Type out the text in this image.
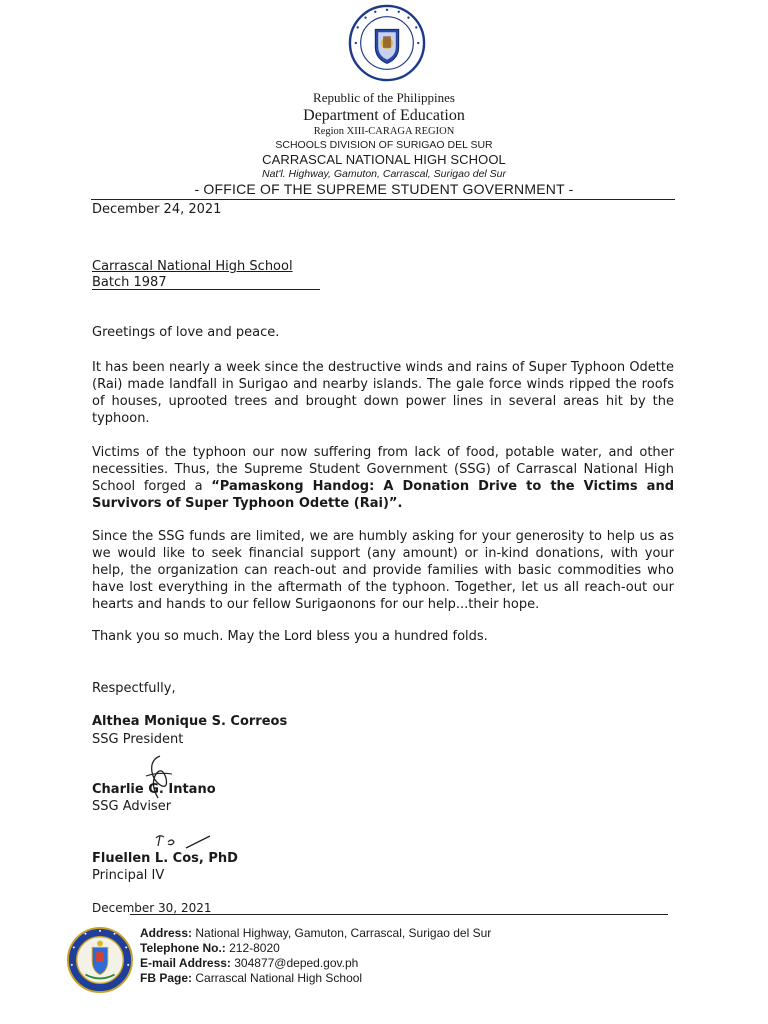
Republic of the Philippines
Department of Education
Region XIII-CARAGA REGION
SCHOOLS DIVISION OF SURIGAO DEL SUR
CARRASCAL NATIONAL HIGH SCHOOL
Nat'l. Highway, Gamuton, Carrascal, Surigao del Sur
- OFFICE OF THE SUPREME STUDENT GOVERNMENT -
December 24, 2021
Carrascal National High School
Batch 1987
Greetings of love and peace.
It has been nearly a week since the destructive winds and rains of Super Typhoon Odette (Rai) made landfall in Surigao and nearby islands. The gale force winds ripped the roofs of houses, uprooted trees and brought down power lines in several areas hit by the typhoon.
Victims of the typhoon our now suffering from lack of food, potable water, and other necessities. Thus, the Supreme Student Government (SSG) of Carrascal National High School forged a “Pamaskong Handog: A Donation Drive to the Victims and Survivors of Super Typhoon Odette (Rai)”.
Since the SSG funds are limited, we are humbly asking for your generosity to help us as we would like to seek financial support (any amount) or in-kind donations, with your help, the organization can reach-out and provide families with basic commodities who have lost everything in the aftermath of the typhoon. Together, let us all reach-out our hearts and hands to our fellow Surigaonons for our help...their hope.
Thank you so much. May the Lord bless you a hundred folds.
Respectfully,
Althea Monique S. Correos
SSG President
Charlie G. Intano
SSG Adviser
Fluellen L. Cos, PhD
Principal IV
December 30, 2021
Address: National Highway, Gamuton, Carrascal, Surigao del Sur
Telephone No.: 212-8020
E-mail Address: 304877@deped.gov.ph
FB Page: Carrascal National High School
